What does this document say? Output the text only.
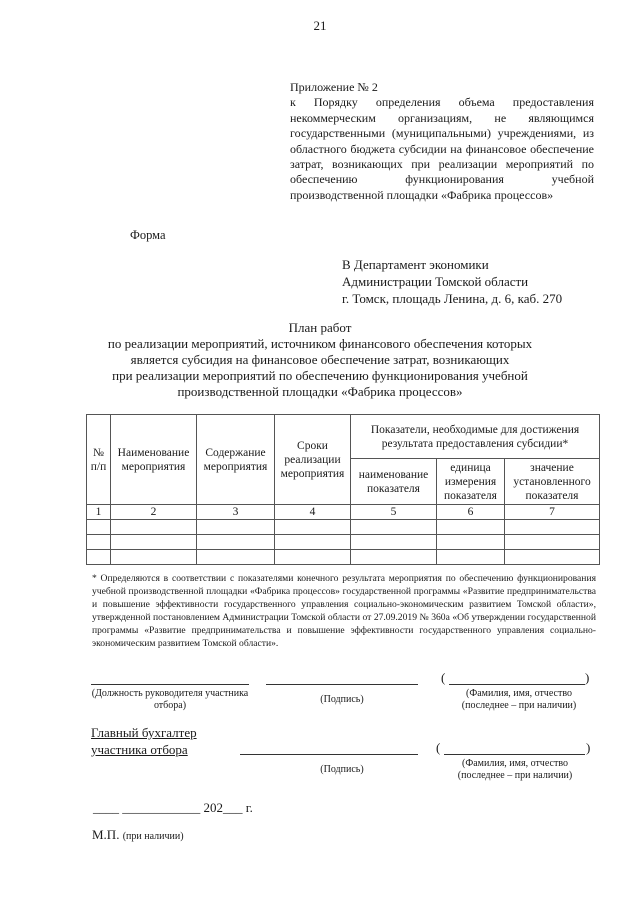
21
Приложение № 2
к Порядку определения объема предоставления некоммерческим организациям, не являющимся государственными (муниципальными) учреждениями, из областного бюджета субсидии на финансовое обеспечение затрат, возникающих при реализации мероприятий по обеспечению функционирования учебной производственной площадки «Фабрика процессов»
Форма
В Департамент экономики
Администрации Томской области
г. Томск, площадь Ленина, д. 6, каб. 270
План работ
по реализации мероприятий, источником финансового обеспечения которых
является субсидия на финансовое обеспечение затрат, возникающих
при реализации мероприятий по обеспечению функционирования учебной
производственной площадки «Фабрика процессов»
№ п/п	Наименование мероприятия	Содержание мероприятия	Сроки реализации мероприятия	Показатели, необходимые для достижения результата предоставления субсидии*		
				наименование показателя	единица измерения показателя	значение установленного показателя
1	2	3	4	5	6	7

* Определяются в соответствии с показателями конечного результата мероприятия по обеспечению функционирования учебной производственной площадки «Фабрика процессов» государственной программы «Развитие предпринимательства и повышение эффективности государственного управления социально-экономическим развитием Томской области», утвержденной постановлением Администрации Томской области от 27.09.2019 № 360а «Об утверждении государственной программы «Развитие предпринимательства и повышение эффективности государственного управления социально-экономическим развитием Томской области».
(Должность руководителя участника отбора)
(Подпись)
(	)
(Фамилия, имя, отчество (последнее – при наличии)
Главный бухгалтер
участника отбора
(Подпись)
(	)
(Фамилия, имя, отчество (последнее – при наличии)
____ ____________ 202___ г.
М.П. (при наличии)
